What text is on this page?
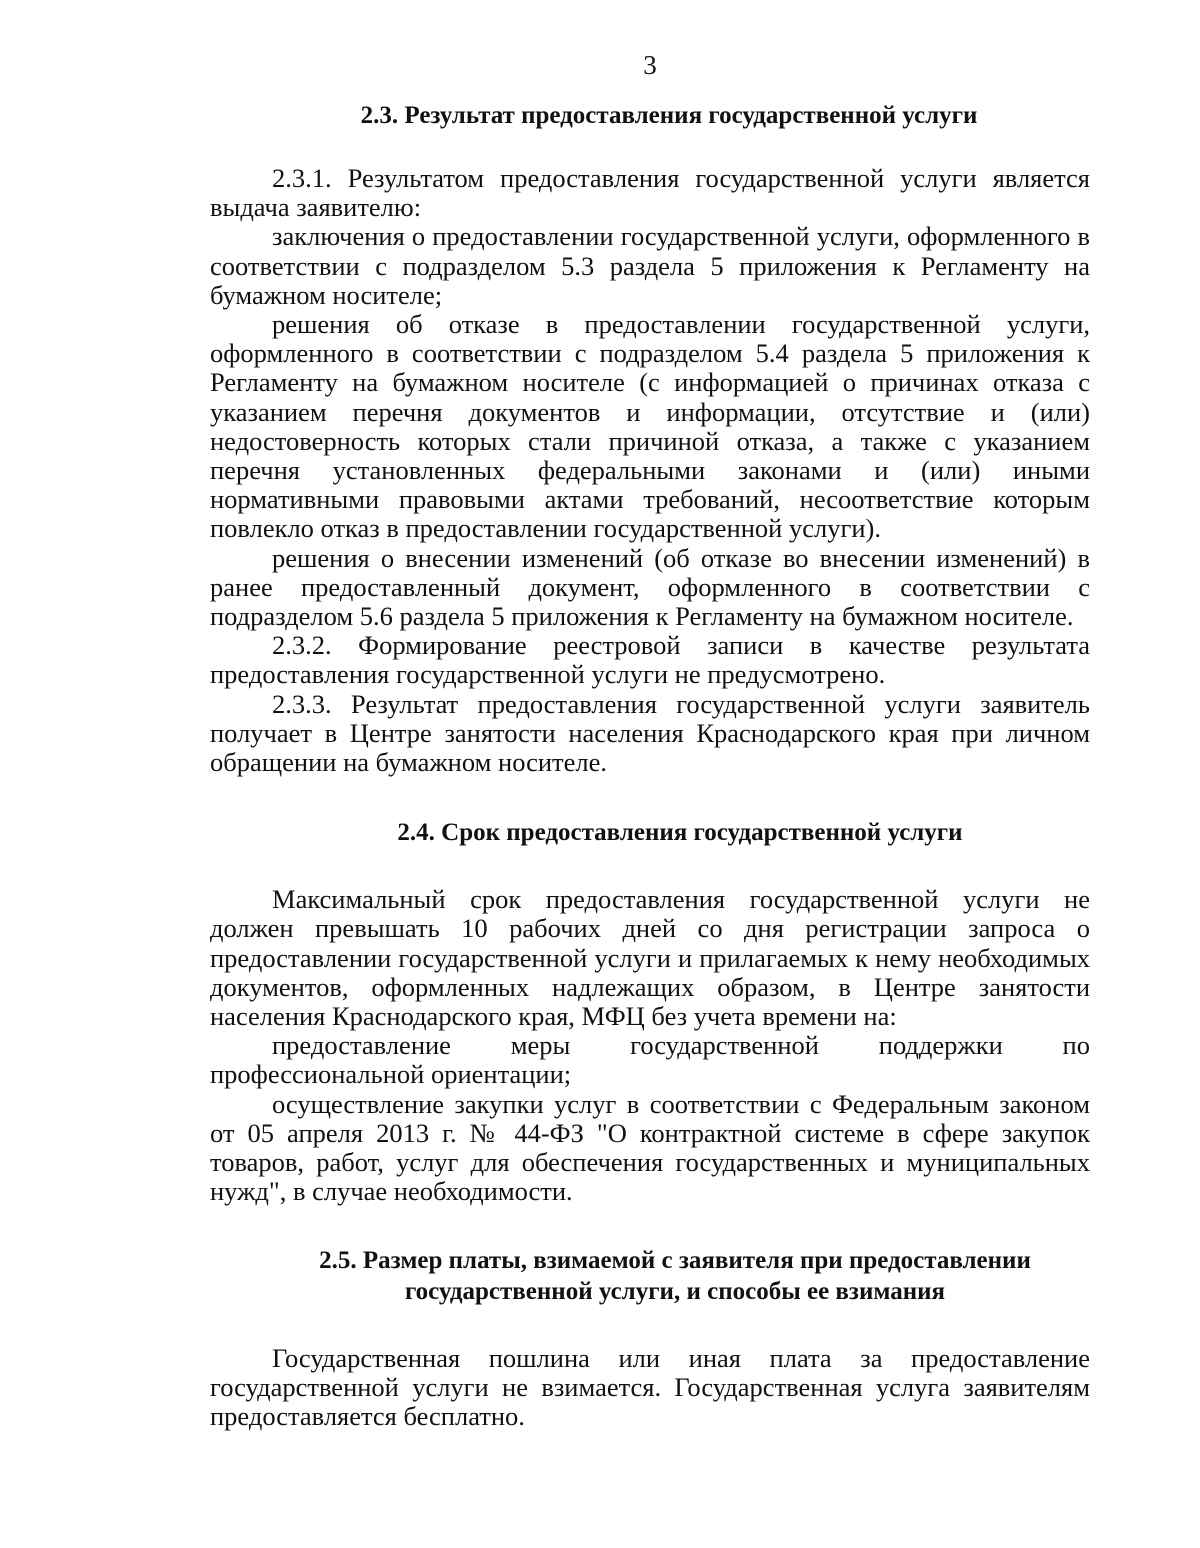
3
2.3. Результат предоставления государственной услуги

2.3.1. Результатом предоставления государственной услуги является выдача заявителю:

заключения о предоставлении государственной услуги, оформленного в соответствии с подразделом 5.3 раздела 5 приложения к Регламенту на бумажном носителе;

решения об отказе в предоставлении государственной услуги, оформленного в соответствии с подразделом 5.4 раздела 5 приложения к Регламенту на бумажном носителе (с информацией о причинах отказа с указанием перечня документов и информации, отсутствие и (или) недостоверность которых стали причиной отказа, а также с указанием перечня установленных федеральными законами и (или) иными нормативными правовыми актами требований, несоответствие которым повлекло отказ в предоставлении государственной услуги).

решения о внесении изменений (об отказе во внесении изменений) в ранее предоставленный документ, оформленного в соответствии с подразделом 5.6 раздела 5 приложения к Регламенту на бумажном носителе.

2.3.2. Формирование реестровой записи в качестве результата предоставления государственной услуги не предусмотрено.

2.3.3. Результат предоставления государственной услуги заявитель получает в Центре занятости населения Краснодарского края при личном обращении на бумажном носителе.

2.4. Срок предоставления государственной услуги

Максимальный срок предоставления государственной услуги не должен превышать 10 рабочих дней со дня регистрации запроса о предоставлении государственной услуги и прилагаемых к нему необходимых документов, оформленных надлежащих образом, в Центре занятости населения Краснодарского края, МФЦ без учета времени на:

предоставление меры государственной поддержки по профессиональной ориентации;

осуществление закупки услуг в соответствии с Федеральным законом от 05 апреля 2013 г. № 44-ФЗ "О контрактной системе в сфере закупок товаров, работ, услуг для обеспечения государственных и муниципальных нужд", в случае необходимости.

2.5. Размер платы, взимаемой с заявителя при предоставлении
государственной услуги, и способы ее взимания

Государственная пошлина или иная плата за предоставление государственной услуги не взимается. Государственная услуга заявителям предоставляется бесплатно.
